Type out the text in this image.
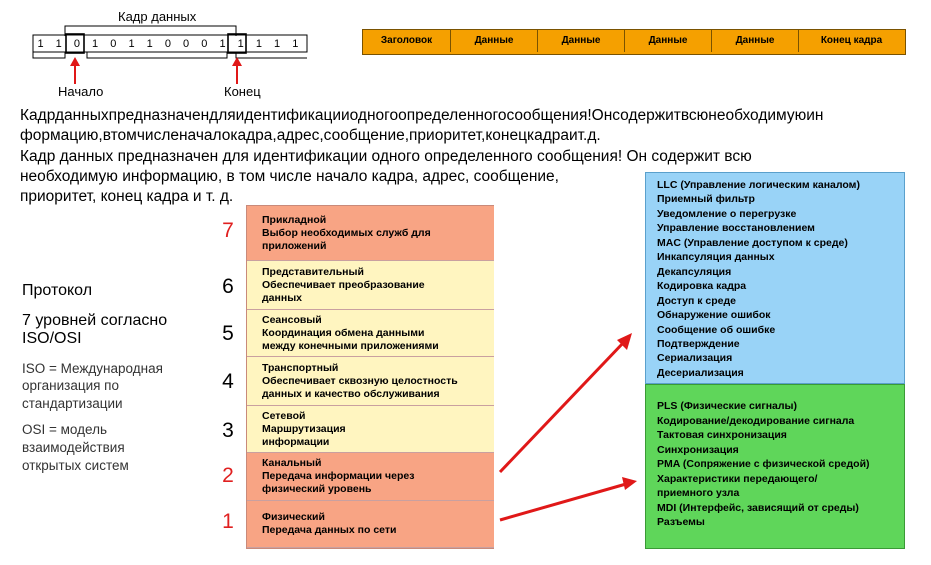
Кадр данных
1	1	0	1	0	1	1	0	0	0	1	1	1	1	1
Начало	Конец
Заголовок	Данные	Данные	Данные	Данные	Конец кадра
Кадрданныхпредназначендляидентификацииодногоопределенногосообщения!Онсодержитвсюнеобходимуюин
формацию,втомчисленачалокадра,адрес,сообщение,приоритет,конецкадраит.д.
Кадр данных предназначен для идентификации одного определенного сообщения! Он содержит всю
необходимую информацию, в том числе начало кадра, адрес, сообщение,
приоритет, конец кадра и т. д.
Протокол
7 уровней согласно
ISO/OSI
ISO = Международная
организация по
стандартизации
OSI = модель
взаимодействия
открытых систем
Прикладной
Выбор необходимых служб для
приложений
7
Представительный
Обеспечивает преобразование
данных
6
Сеансовый
Координация обмена данными
между конечными приложениями
5
Транспортный
Обеспечивает сквозную целостность
данных и качество обслуживания
4
Сетевой
Маршрутизация
информации
3
Канальный
Передача информации через
физический уровень
2
Физический
Передача данных по сети
1
LLC (Управление логическим каналом)
Приемный фильтр
Уведомление о перегрузке
Управление восстановлением
MAC (Управление доступом к среде)
Инкапсуляция данных
Декапсуляция
Кодировка кадра
Доступ к среде
Обнаружение ошибок
Сообщение об ошибке
Подтверждение
Сериализация
Десериализация
PLS (Физические сигналы)
Кодирование/декодирование сигнала
Тактовая синхронизация
Синхронизация
PMA (Сопряжение с физической средой)
Характеристики передающего/
приемного узла
MDI (Интерфейс, зависящий от среды)
Разъемы
